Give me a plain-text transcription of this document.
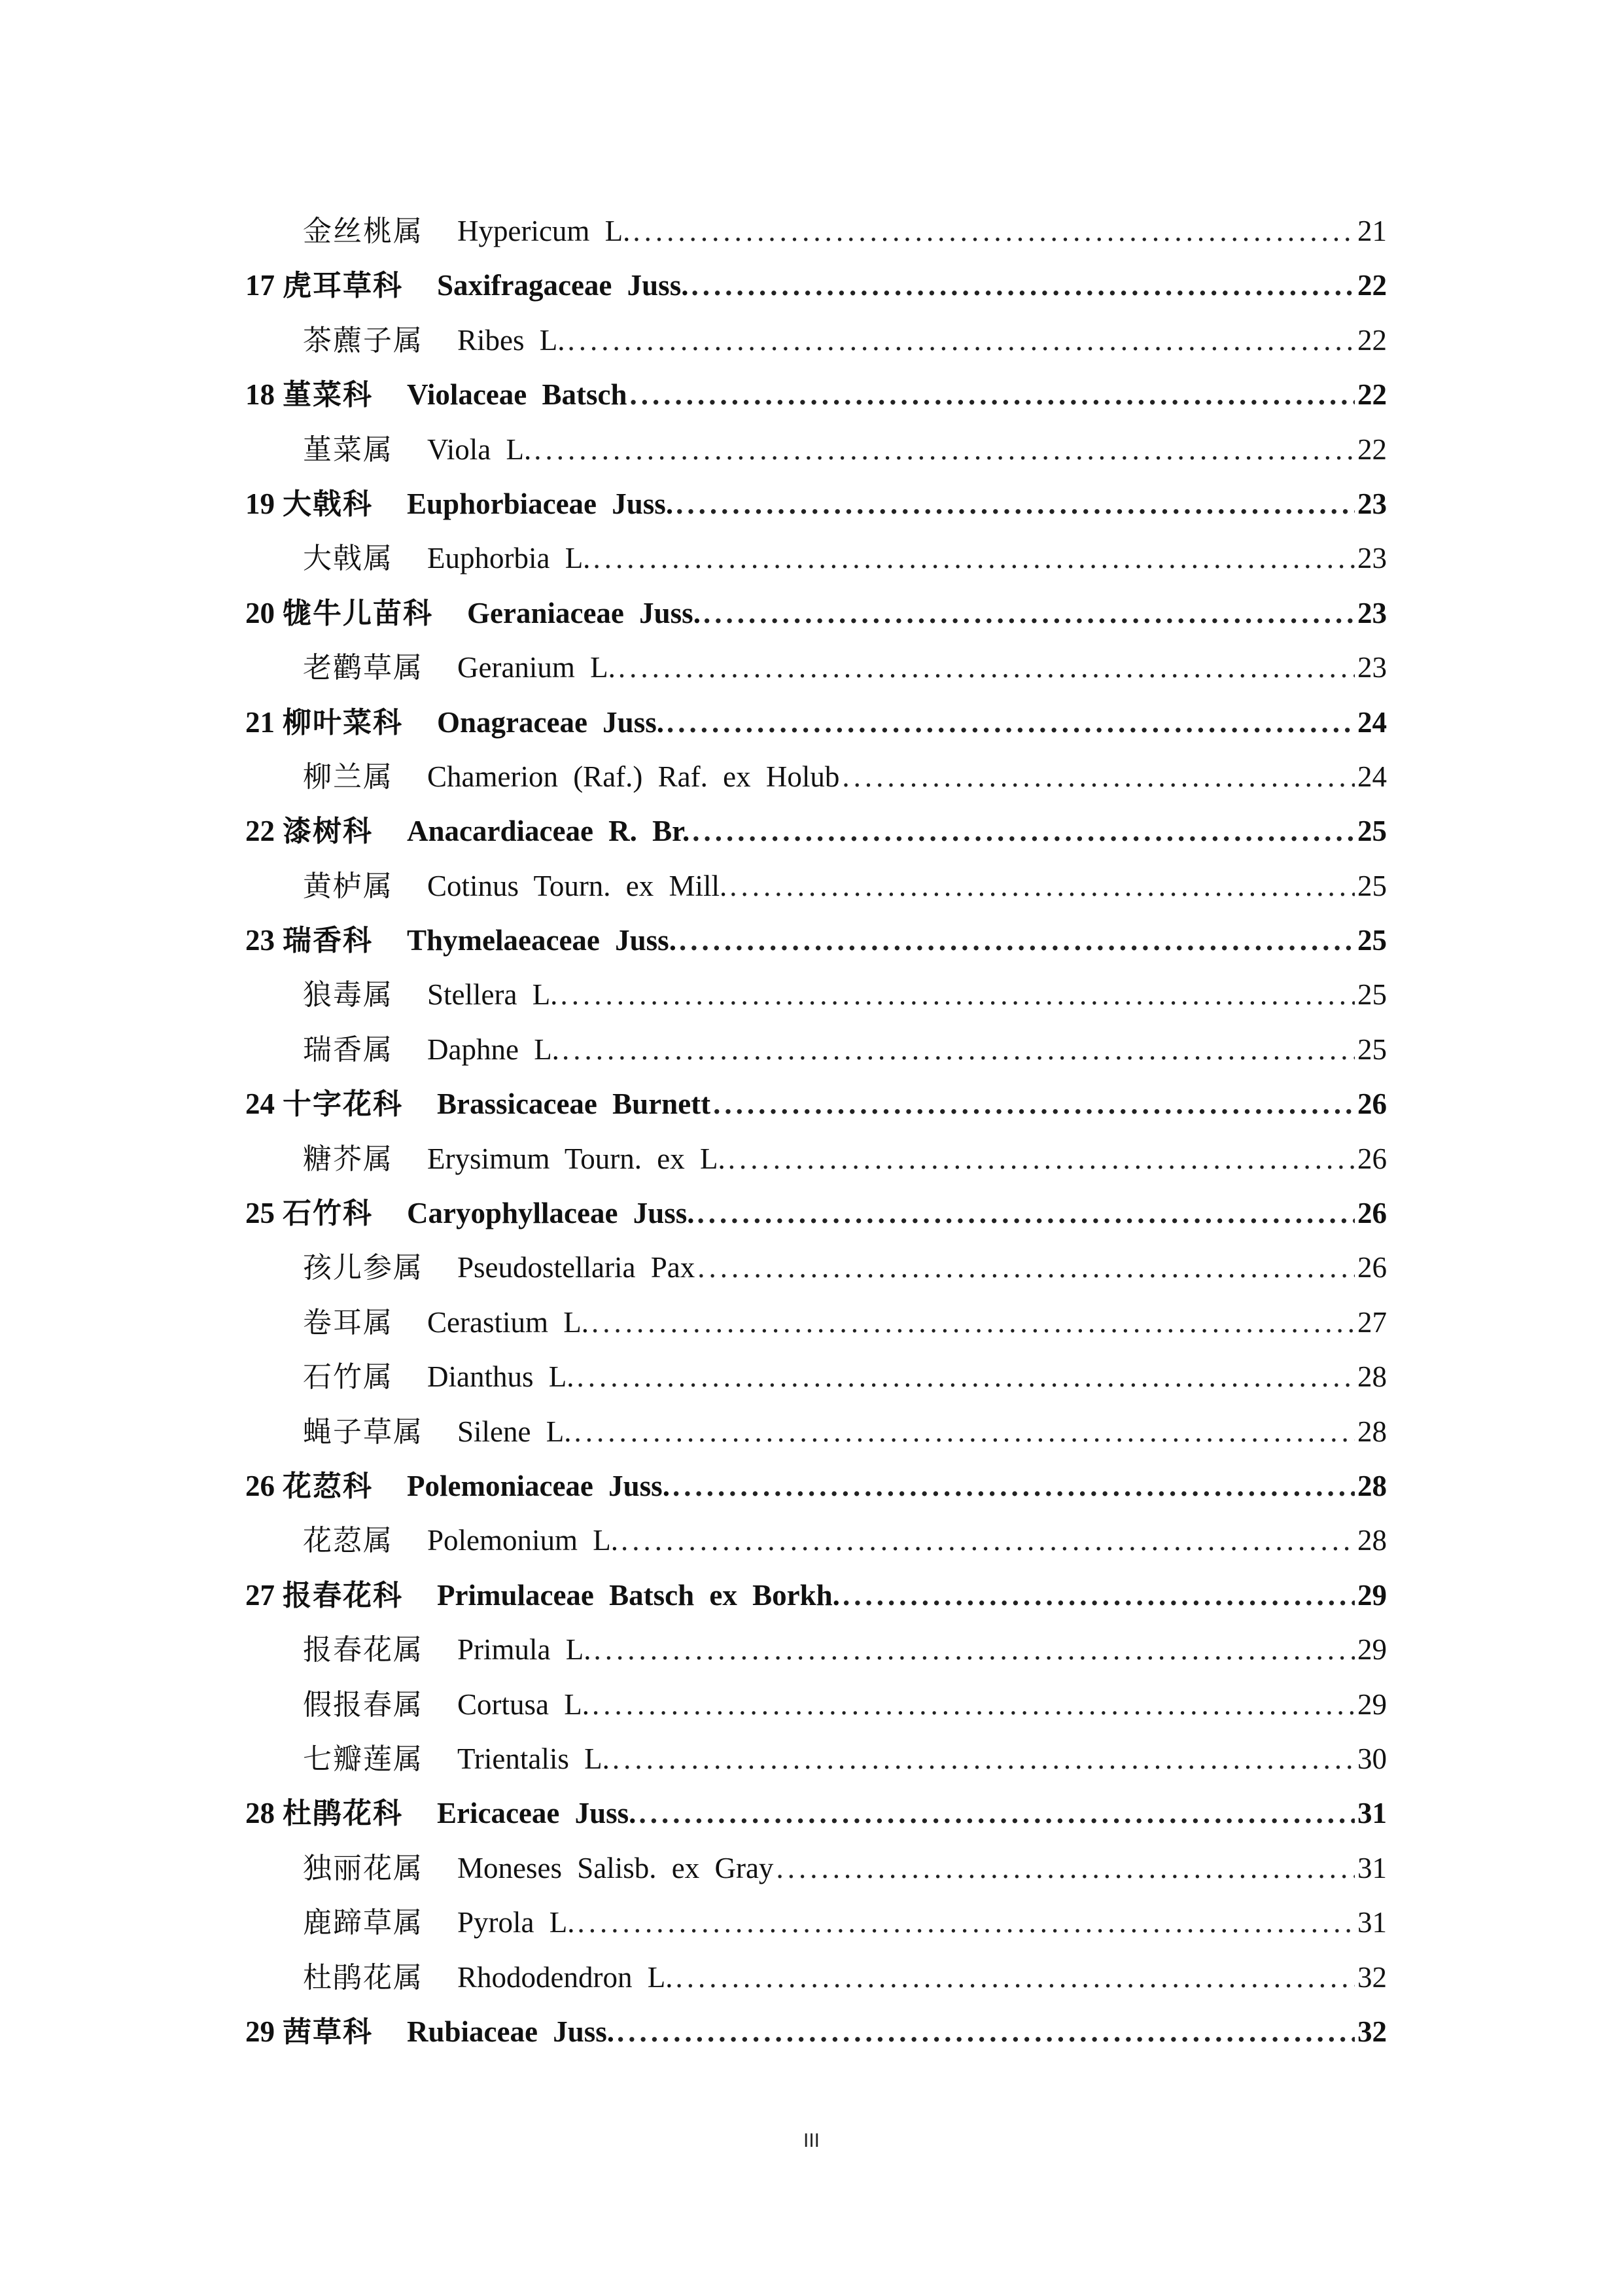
金丝桃属 Hypericum L. .....	21
17 虎耳草科 Saxifragaceae Juss. .....	22
茶藨子属 Ribes L. .....	22
18 堇菜科 Violaceae Batsch .....	22
堇菜属 Viola L. .....	22
19 大戟科 Euphorbiaceae Juss. .....	23
大戟属 Euphorbia L. .....	23
20 牻牛儿苗科 Geraniaceae Juss. .....	23
老鹳草属 Geranium L. .....	23
21 柳叶菜科 Onagraceae Juss. .....	24
柳兰属 Chamerion (Raf.) Raf. ex Holub .....	24
22 漆树科 Anacardiaceae R. Br. .....	25
黄栌属 Cotinus Tourn. ex Mill. .....	25
23 瑞香科 Thymelaeaceae Juss. .....	25
狼毒属 Stellera L. .....	25
瑞香属 Daphne L. .....	25
24 十字花科 Brassicaceae Burnett .....	26
糖芥属 Erysimum Tourn. ex L. .....	26
25 石竹科 Caryophyllaceae Juss. .....	26
孩儿参属 Pseudostellaria Pax .....	26
卷耳属 Cerastium L. .....	27
石竹属 Dianthus L. .....	28
蝇子草属 Silene L. .....	28
26 花荵科 Polemoniaceae Juss. .....	28
花荵属 Polemonium L. .....	28
27 报春花科 Primulaceae Batsch ex Borkh. .....	29
报春花属 Primula L. .....	29
假报春属 Cortusa L. .....	29
七瓣莲属 Trientalis L. .....	30
28 杜鹃花科 Ericaceae Juss. .....	31
独丽花属 Moneses Salisb. ex Gray .....	31
鹿蹄草属 Pyrola L. .....	31
杜鹃花属 Rhododendron L. .....	32
29 茜草科 Rubiaceae Juss. .....	32
III
